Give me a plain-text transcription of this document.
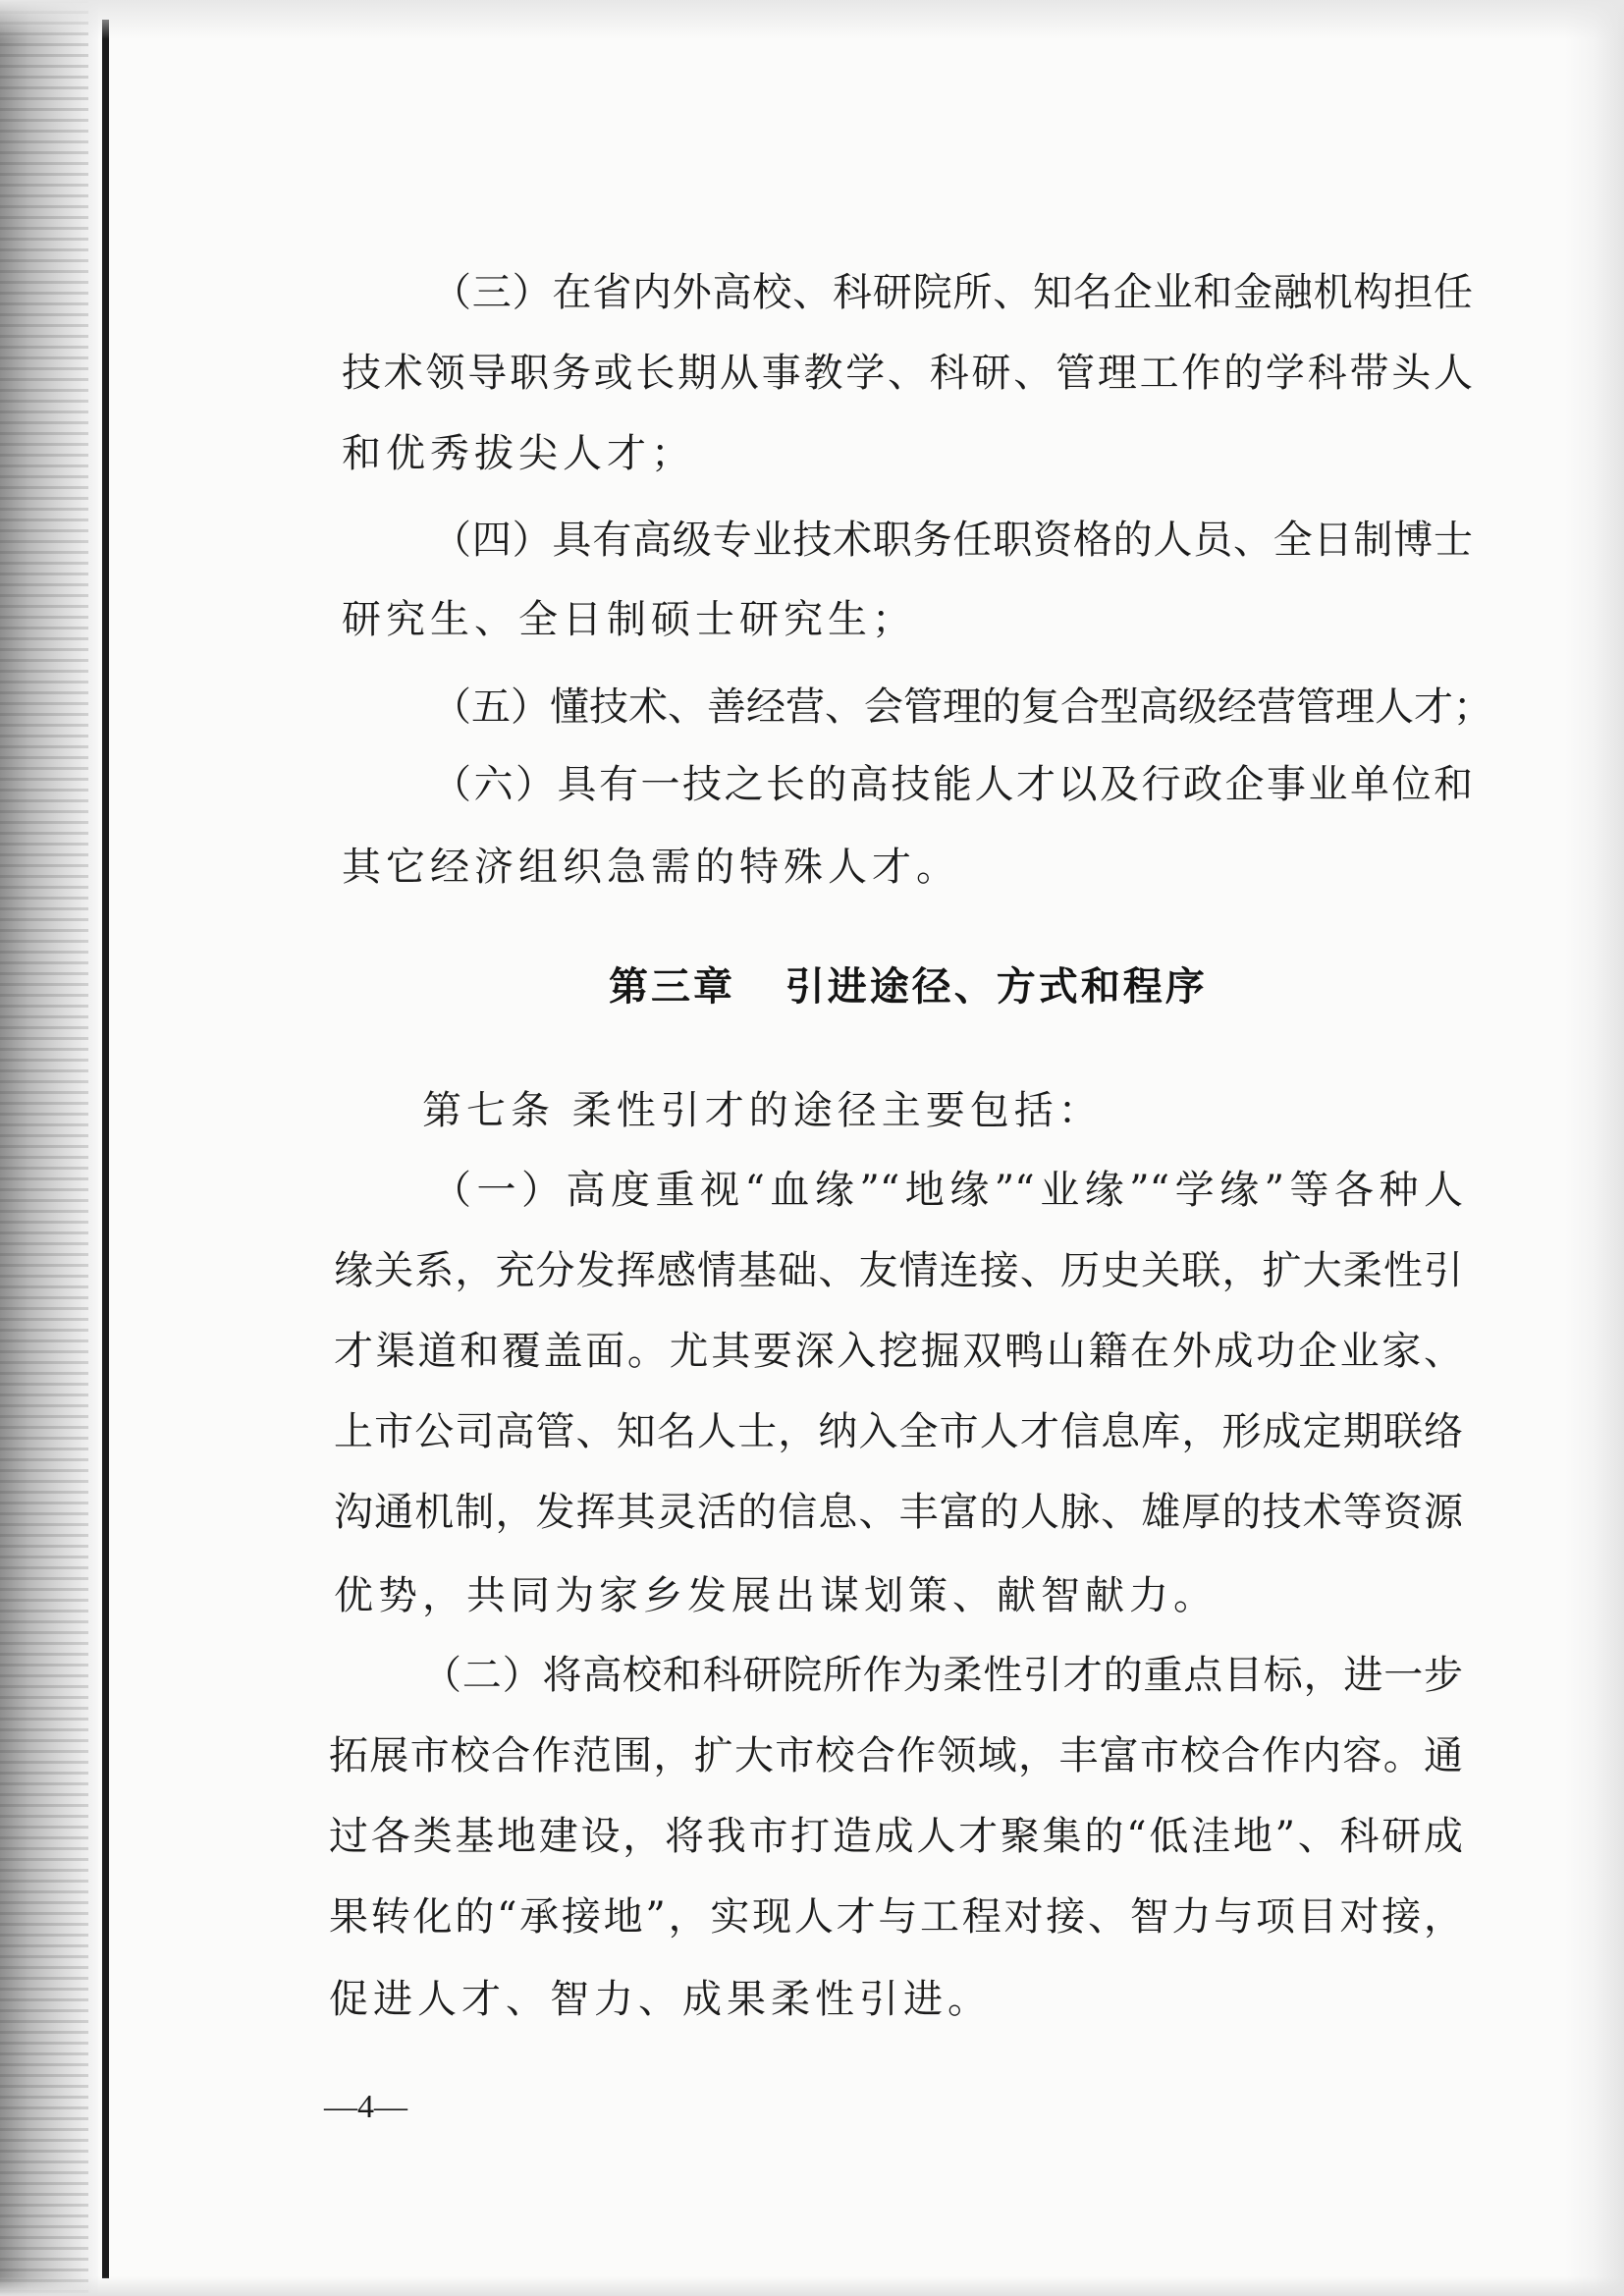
（三）在省内外高校、科研院所、知名企业和金融机构担任

技术领导职务或长期从事教学、科研、管理工作的学科带头人

和优秀拔尖人才；

（四）具有高级专业技术职务任职资格的人员、全日制博士

研究生、全日制硕士研究生；

（五）懂技术、善经营、会管理的复合型高级经营管理人才；

（六）具有一技之长的高技能人才以及行政企事业单位和

其它经济组织急需的特殊人才。

第三章   引进途径、方式和程序

第七条 柔性引才的途径主要包括：

（一）高度重视“血缘”“地缘”“业缘”“学缘”等各种人

缘关系，充分发挥感情基础、友情连接、历史关联，扩大柔性引

才渠道和覆盖面。尤其要深入挖掘双鸭山籍在外成功企业家、

上市公司高管、知名人士，纳入全市人才信息库，形成定期联络

沟通机制，发挥其灵活的信息、丰富的人脉、雄厚的技术等资源

优势，共同为家乡发展出谋划策、献智献力。

（二）将高校和科研院所作为柔性引才的重点目标，进一步

拓展市校合作范围，扩大市校合作领域，丰富市校合作内容。通

过各类基地建设，将我市打造成人才聚集的“低洼地”、科研成

果转化的“承接地”，实现人才与工程对接、智力与项目对接，

促进人才、智力、成果柔性引进。

—4—
